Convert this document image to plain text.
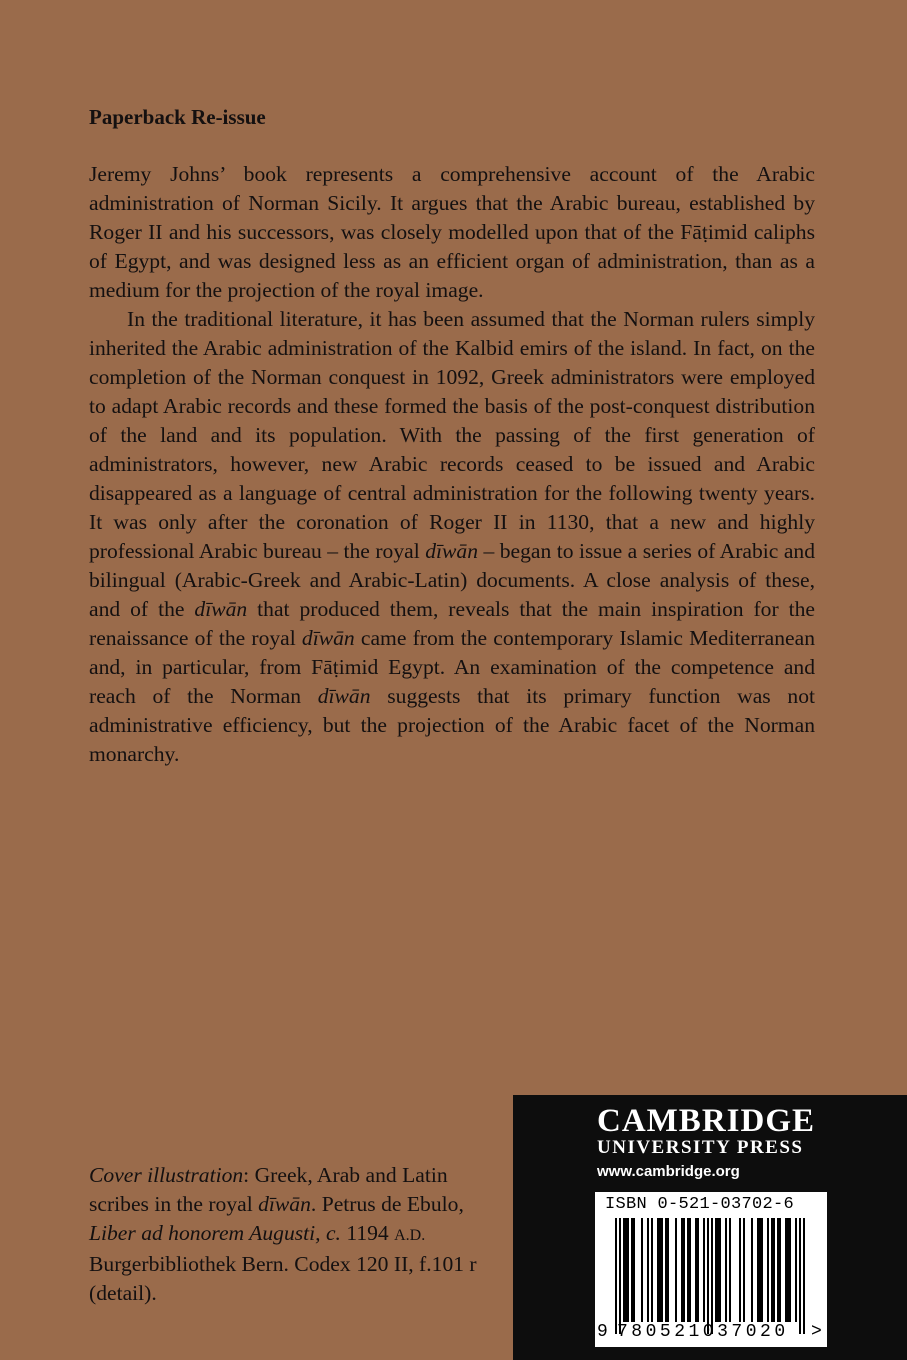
Paperback Re-issue

Jeremy Johns’ book represents a comprehensive account of the Arabic administration of Norman Sicily. It argues that the Arabic bureau, established by Roger II and his successors, was closely modelled upon that of the Fāṭimid caliphs of Egypt, and was designed less as an efficient organ of administration, than as a medium for the projection of the royal image.

In the traditional literature, it has been assumed that the Norman rulers simply inherited the Arabic administration of the Kalbid emirs of the island. In fact, on the completion of the Norman conquest in 1092, Greek administrators were employed to adapt Arabic records and these formed the basis of the post-conquest distribution of the land and its population. With the passing of the first generation of administrators, however, new Arabic records ceased to be issued and Arabic disappeared as a language of central administration for the following twenty years. It was only after the coronation of Roger II in 1130, that a new and highly professional Arabic bureau – the royal dīwān – began to issue a series of Arabic and bilingual (Arabic-Greek and Arabic-Latin) documents. A close analysis of these, and of the dīwān that produced them, reveals that the main inspiration for the renaissance of the royal dīwān came from the contemporary Islamic Mediterranean and, in particular, from Fāṭimid Egypt. An examination of the competence and reach of the Norman dīwān suggests that its primary function was not administrative efficiency, but the projection of the Arabic facet of the Norman monarchy.

Cover illustration: Greek, Arab and Latin scribes in the royal dīwān. Petrus de Ebulo, Liber ad honorem Augusti, c. 1194 A.D. Burgerbibliothek Bern. Codex 120 II, f.101 r (detail).

CAMBRIDGE
UNIVERSITY PRESS
www.cambridge.org
ISBN 0-521-03702-6
9 780521037020	>
